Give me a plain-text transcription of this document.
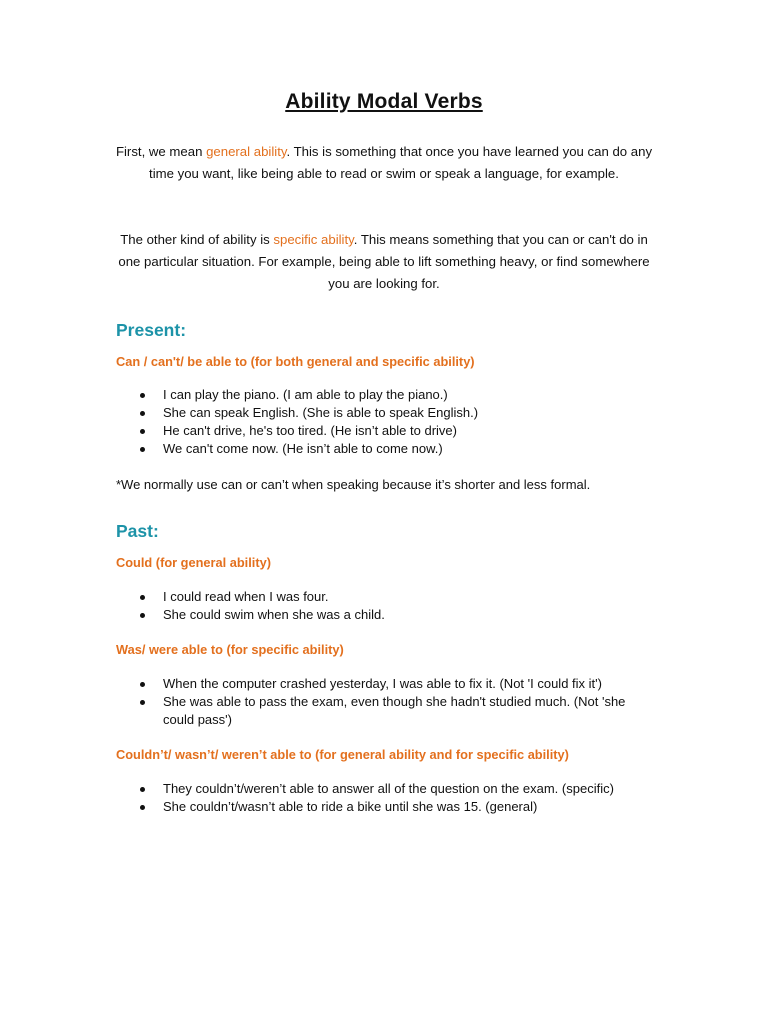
Ability Modal Verbs
First, we mean general ability. This is something that once you have learned you can do any time you want, like being able to read or swim or speak a language, for example.
The other kind of ability is specific ability. This means something that you can or can't do in one particular situation. For example, being able to lift something heavy, or find somewhere you are looking for.
Present:
Can / can't/ be able to (for both general and specific ability)
I can play the piano. (I am able to play the piano.)
She can speak English. (She is able to speak English.)
He can't drive, he's too tired. (He isn’t able to drive)
We can't come now. (He isn’t able to come now.)
*We normally use can or can’t when speaking because it’s shorter and less formal.
Past:
Could (for general ability)
I could read when I was four.
She could swim when she was a child.
Was/ were able to (for specific ability)
When the computer crashed yesterday, I was able to fix it. (Not 'I could fix it')
She was able to pass the exam, even though she hadn't studied much. (Not 'she could pass')
Couldn’t/ wasn’t/ weren’t able to (for general ability and for specific ability)
They couldn’t/weren’t able to answer all of the question on the exam. (specific)
She couldn’t/wasn’t able to ride a bike until she was 15. (general)
